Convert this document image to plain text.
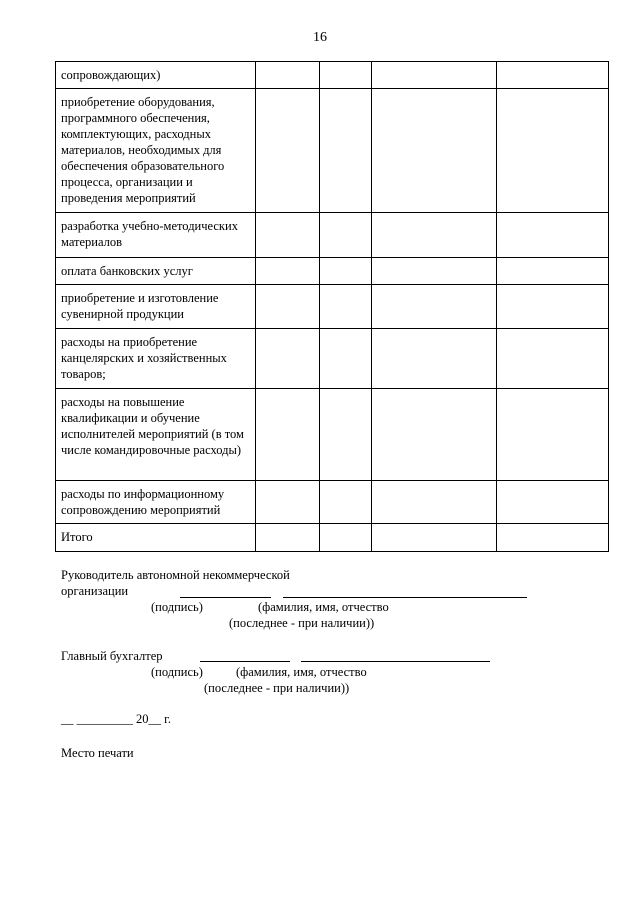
16
сопровождающих)				
приобретение оборудования, программного обеспечения, комплектующих, расходных материалов, необходимых для обеспечения образовательного процесса, организации и проведения мероприятий				
разработка учебно-методических материалов				
оплата банковских услуг				
приобретение и изготовление сувенирной продукции				
расходы на приобретение канцелярских и хозяйственных товаров;				
расходы на повышение квалификации и обучение исполнителей мероприятий (в том числе командировочные расходы)				
расходы по информационному сопровождению мероприятий				
Итого				
Руководитель автономной некоммерческой
организации
(подпись)	(фамилия, имя, отчество
(последнее - при наличии))
Главный бухгалтер
(подпись)	(фамилия, имя, отчество
(последнее - при наличии))
__ _________ 20__ г.
Место печати
